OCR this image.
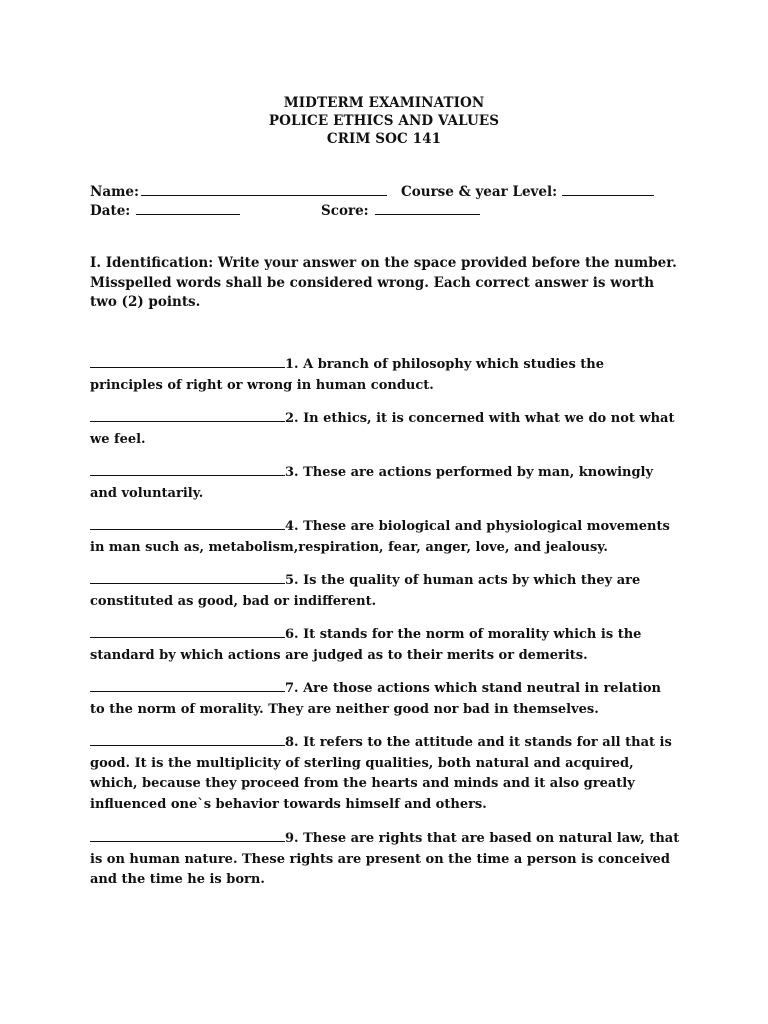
MIDTERM EXAMINATION
POLICE ETHICS AND VALUES
CRIM SOC 141
Name:	Course & year Level:
Date:	Score:
I. Identification: Write your answer on the space provided before the number. Misspelled words shall be considered wrong. Each correct answer is worth two (2) points.
1. A branch of philosophy which studies the principles of right or wrong in human conduct.
2. In ethics, it is concerned with what we do not what we feel.
3. These are actions performed by man, knowingly and voluntarily.
4. These are biological and physiological movements in man such as, metabolism,respiration, fear, anger, love, and jealousy.
5. Is the quality of human acts by which they are constituted as good, bad or indifferent.
6. It stands for the norm of morality which is the standard by which actions are judged as to their merits or demerits.
7. Are those actions which stand neutral in relation to the norm of morality. They are neither good nor bad in themselves.
8. It refers to the attitude and it stands for all that is good. It is the multiplicity of sterling qualities, both natural and acquired, which, because they proceed from the hearts and minds and it also greatly influenced one`s behavior towards himself and others.
9. These are rights that are based on natural law, that is on human nature. These rights are present on the time a person is conceived and the time he is born.
